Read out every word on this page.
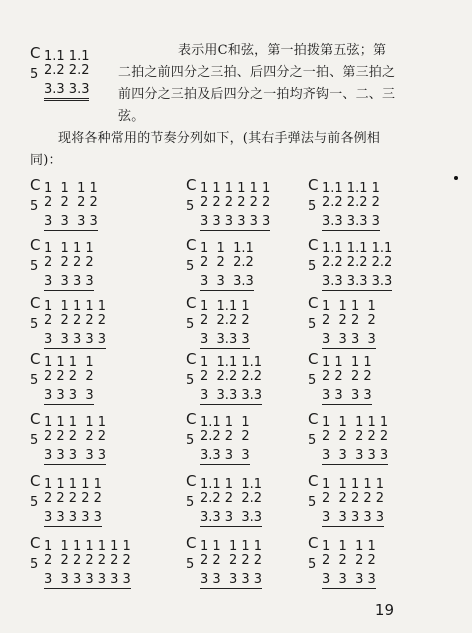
C
5
1.1 1.1
2.2 2.2
3.3 3.3
表示用C和弦，第一拍拨第五弦；第
二拍之前四分之三拍、后四分之一拍、第三拍之
前四分之三拍及后四分之一拍均齐钩一、二、三
弦。
现将各种常用的节奏分列如下，(其右手弹法与前各例相
同)：
C
5
1  1  1 1
2  2  2 2
3  3  3 3
C
5
1 1 1 1 1 1
2 2 2 2 2 2
3 3 3 3 3 3
C
5
1.1 1.1 1
2.2 2.2 2
3.3 3.3 3
C
5
1  1 1 1
2  2 2 2
3  3 3 3
C
5
1  1  1.1
2  2  2.2
3  3  3.3
C
5
1.1 1.1 1.1
2.2 2.2 2.2
3.3 3.3 3.3
C
5
1  1 1 1 1
2  2 2 2 2
3  3 3 3 3
C
5
1  1.1 1
2  2.2 2
3  3.3 3
C
5
1  1 1  1
2  2 2  2
3  3 3  3
C
5
1 1 1  1
2 2 2  2
3 3 3  3
C
5
1  1.1 1.1
2  2.2 2.2
3  3.3 3.3
C
5
1 1  1 1
2 2  2 2
3 3  3 3
C
5
1 1 1  1 1
2 2 2  2 2
3 3 3  3 3
C
5
1.1 1  1
2.2 2  2
3.3 3  3
C
5
1  1  1 1 1
2  2  2 2 2
3  3  3 3 3
C
5
1 1 1 1 1
2 2 2 2 2
3 3 3 3 3
C
5
1.1 1  1.1
2.2 2  2.2
3.3 3  3.3
C
5
1  1 1 1 1
2  2 2 2 2
3  3 3 3 3
C
5
1  1 1 1 1 1 1
2  2 2 2 2 2 2
3  3 3 3 3 3 3
C
5
1 1  1 1 1
2 2  2 2 2
3 3  3 3 3
C
5
1  1  1 1
2  2  2 2
3  3  3 3
19
